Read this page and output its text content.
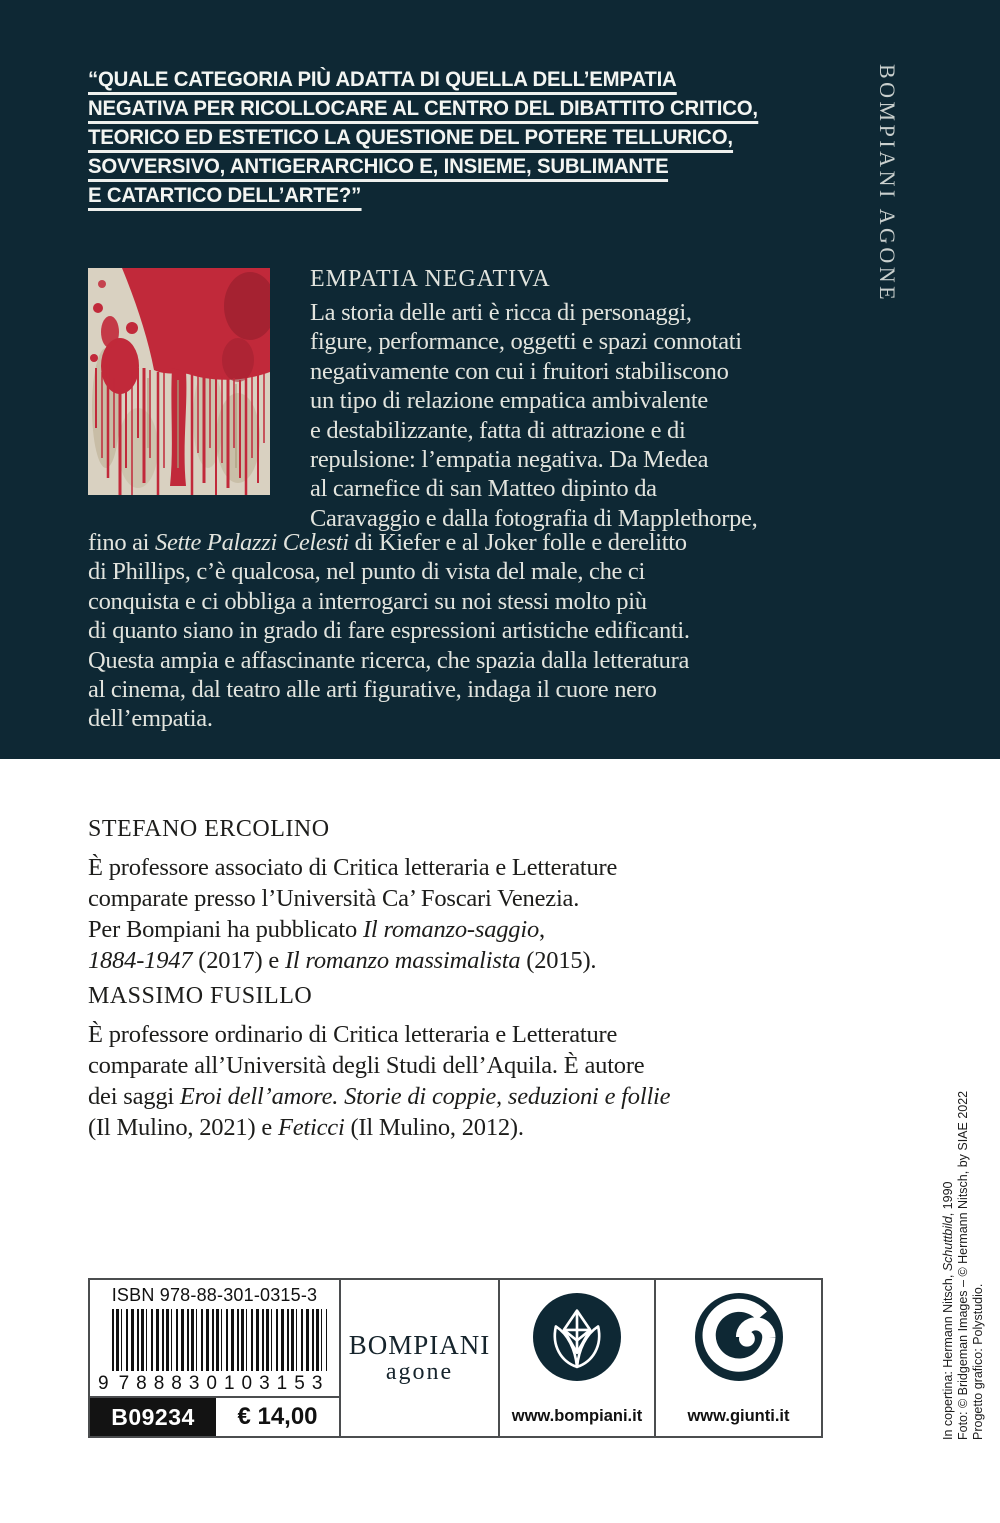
“QUALE CATEGORIA PIÙ ADATTA DI QUELLA DELL’EMPATIA
NEGATIVA PER RICOLLOCARE AL CENTRO DEL DIBATTITO CRITICO,
TEORICO ED ESTETICO LA QUESTIONE DEL POTERE TELLURICO,
SOVVERSIVO, ANTIGERARCHICO E, INSIEME, SUBLIMANTE
E CATARTICO DELL’ARTE?”
EMPATIA NEGATIVA
La storia delle arti è ricca di personaggi,
figure, performance, oggetti e spazi connotati
negativamente con cui i fruitori stabiliscono
un tipo di relazione empatica ambivalente
e destabilizzante, fatta di attrazione e di
repulsione: l’empatia negativa. Da Medea
al carnefice di san Matteo dipinto da
Caravaggio e dalla fotografia di Mapplethorpe,
fino ai Sette Palazzi Celesti di Kiefer e al Joker folle e derelitto
di Phillips, c’è qualcosa, nel punto di vista del male, che ci
conquista e ci obbliga a interrogarci su noi stessi molto più
di quanto siano in grado di fare espressioni artistiche edificanti.
Questa ampia e affascinante ricerca, che spazia dalla letteratura
al cinema, dal teatro alle arti figurative, indaga il cuore nero
dell’empatia.
BOMPIANI AGONE
STEFANO ERCOLINO
È professore associato di Critica letteraria e Letterature
comparate presso l’Università Ca’ Foscari Venezia.
Per Bompiani ha pubblicato Il romanzo-saggio,
1884-1947 (2017) e Il romanzo massimalista (2015).
MASSIMO FUSILLO
È professore ordinario di Critica letteraria e Letterature
comparate all’Università degli Studi dell’Aquila. È autore
dei saggi Eroi dell’amore. Storie di coppie, seduzioni e follie
(Il Mulino, 2021) e Feticci (Il Mulino, 2012).
ISBN 978-88-301-0315-3
9 788830 103153
B09234	€ 14,00
BOMPIANI
agone
www.bompiani.it	www.giunti.it	In copertina: Hermann Nitsch, Schuttbild, 1990 Foto: © Bridgeman Images – © Hermann Nitsch, by SIAE 2022 Progetto grafico: Polystudio.
